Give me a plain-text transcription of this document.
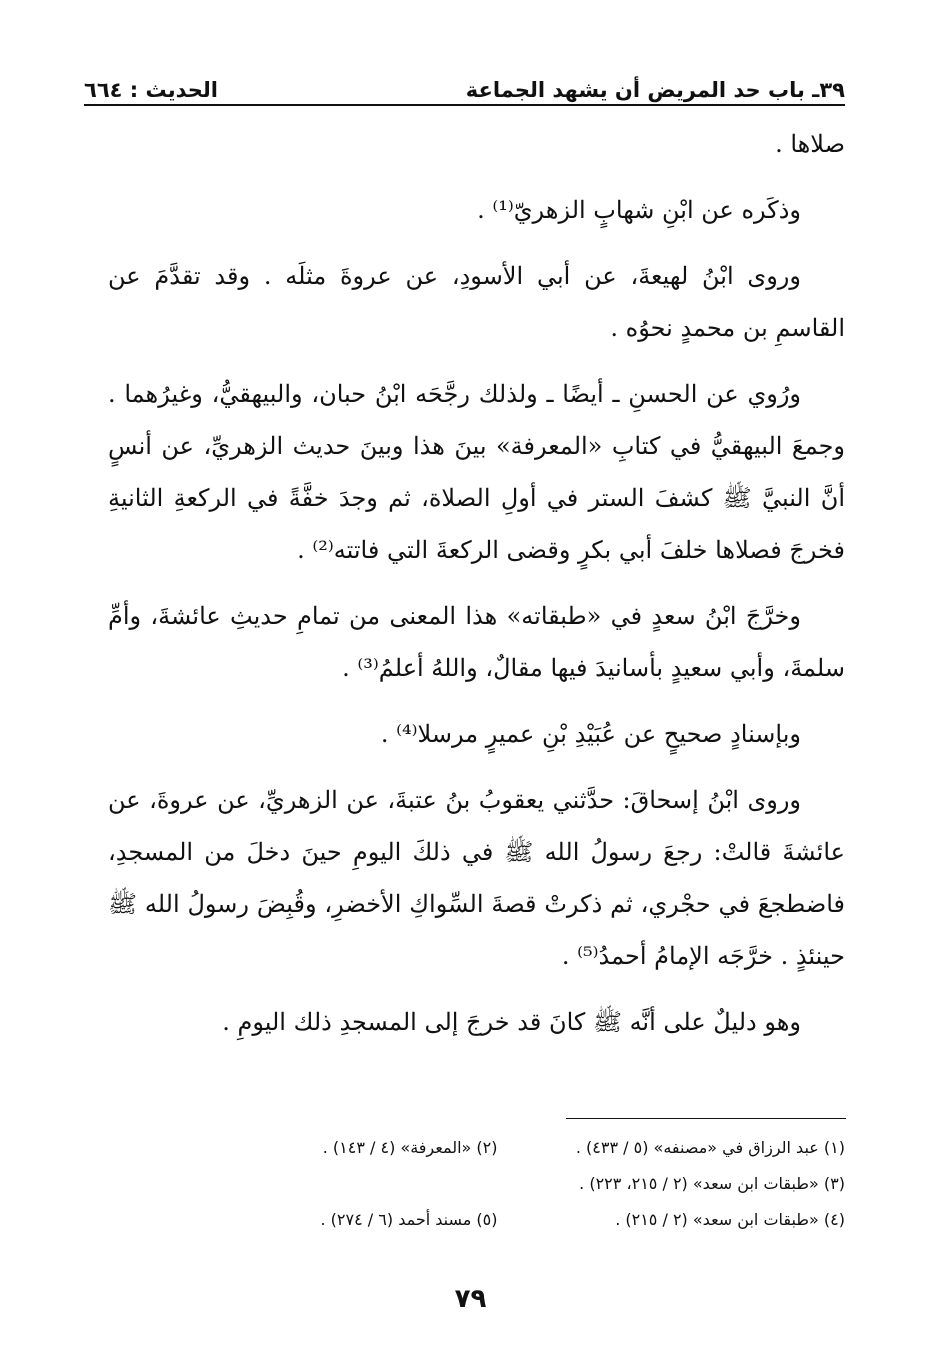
٣٩ـ باب حد المريض أن يشهد الجماعة
الحديث : ٦٦٤

صلاها .

وذكَره عن ابْنِ شهابٍ الزهريّ⁽¹⁾ .

وروى ابْنُ لهيعةَ، عن أبي الأسودِ، عن عروةَ مثلَه . وقد تقدَّمَ عن القاسمِ بن محمدٍ نحوُه .

ورُوي عن الحسنِ ـ أيضًا ـ ولذلك رجَّحَه ابْنُ حبان، والبيهقيُّ، وغيرُهما . وجمعَ البيهقيُّ في كتابِ «المعرفة» بينَ هذا وبينَ حديث الزهريِّ، عن أنسٍ أنَّ النبيَّ ﷺ كشفَ الستر في أولِ الصلاة، ثم وجدَ خفَّةً في الركعةِ الثانيةِ فخرجَ فصلاها خلفَ أبي بكرٍ وقضى الركعةَ التي فاتته⁽²⁾ .

وخرَّجَ ابْنُ سعدٍ في «طبقاته» هذا المعنى من تمامِ حديثِ عائشةَ، وأمِّ سلمةَ، وأبي سعيدٍ بأسانيدَ فيها مقالٌ، واللهُ أعلمُ⁽³⁾ .

وبإسنادٍ صحيحٍ عن عُبَيْدِ بْنِ عميرٍ مرسلا⁽⁴⁾ .

وروى ابْنُ إسحاقَ: حدَّثني يعقوبُ بنُ عتبةَ، عن الزهريِّ، عن عروةَ، عن عائشةَ قالتْ: رجعَ رسولُ الله ﷺ في ذلكَ اليومِ حينَ دخلَ من المسجدِ، فاضطجعَ في حجْري، ثم ذكرتْ قصةَ السِّواكِ الأخضرِ، وقُبِضَ رسولُ الله ﷺ حينئذٍ . خرَّجَه الإمامُ أحمدُ⁽⁵⁾ .

وهو دليلٌ على أنَّه ﷺ كانَ قد خرجَ إلى المسجدِ ذلك اليومِ .

(١) عبد الرزاق في «مصنفه» (٥ / ٤٣٣) .
(٢) «المعرفة» (٤ / ١٤٣) .
(٣) «طبقات ابن سعد» (٢ / ٢١٥، ٢٢٣) .
(٤) «طبقات ابن سعد» (٢ / ٢١٥) .
(٥) مسند أحمد (٦ / ٢٧٤) .
٧٩
